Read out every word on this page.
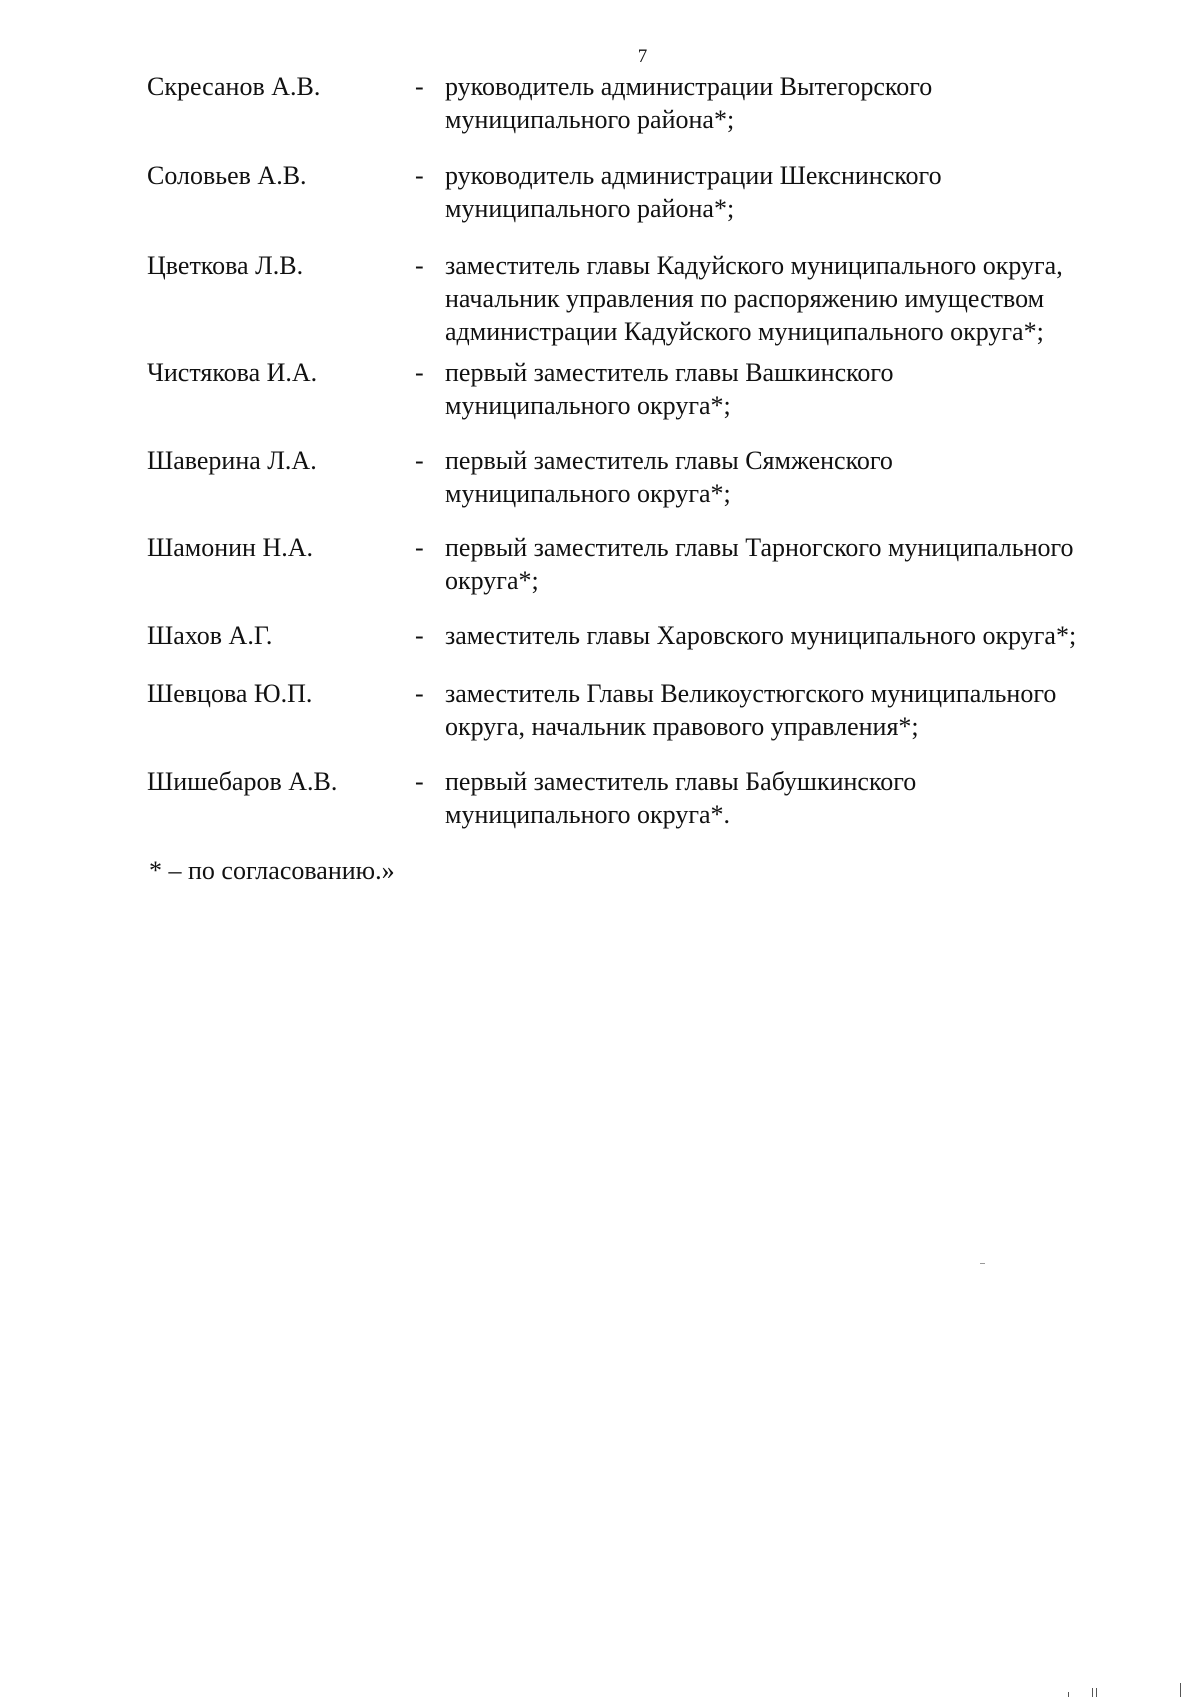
7
Скресанов А.В.	- руководитель администрации Вытегорского
муниципального района*;
Соловьев А.В.	- руководитель администрации Шекснинского
муниципального района*;
Цветкова Л.В.	- заместитель главы Кадуйского муниципального округа,
начальник управления по распоряжению имуществом
администрации Кадуйского муниципального округа*;
Чистякова И.А.	- первый заместитель главы Вашкинского
муниципального округа*;
Шаверина Л.А.	- первый заместитель главы Сямженского
муниципального округа*;
Шамонин Н.А.	- первый заместитель главы Тарногского муниципального
округа*;
Шахов А.Г.	- заместитель главы Харовского муниципального округа*;
Шевцова Ю.П.	- заместитель Главы Великоустюгского муниципального
округа, начальник правового управления*;
Шишебаров А.В.	- первый заместитель главы Бабушкинского
муниципального округа*.
* – по согласованию.»
